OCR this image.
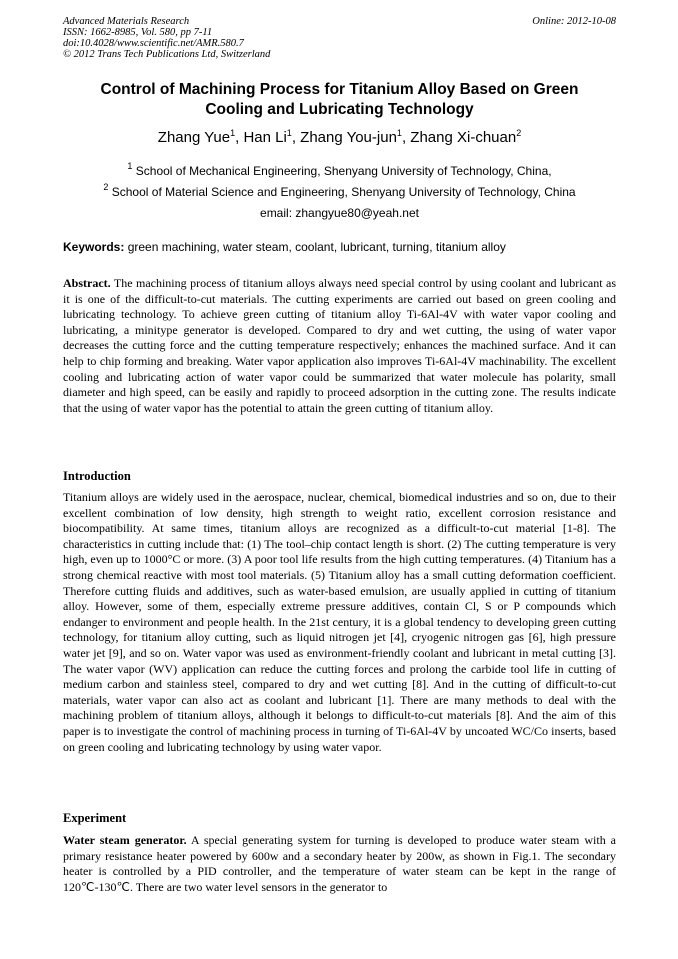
Advanced Materials Research
ISSN: 1662-8985, Vol. 580, pp 7-11
doi:10.4028/www.scientific.net/AMR.580.7
© 2012 Trans Tech Publications Ltd, Switzerland
Online: 2012-10-08
Control of Machining Process for Titanium Alloy Based on Green
Cooling and Lubricating Technology
Zhang Yue$^1$, Han Li$^1$, Zhang You-jun$^1$, Zhang Xi-chuan$^2$
$^1$ School of Mechanical Engineering, Shenyang University of Technology, China,
$^2$ School of Material Science and Engineering, Shenyang University of Technology, China
email: zhangyue80@yeah.net
Keywords: green machining, water steam, coolant, lubricant, turning, titanium alloy

Abstract. The machining process of titanium alloys always need special control by using coolant and lubricant as it is one of the difficult-to-cut materials. The cutting experiments are carried out based on green cooling and lubricating technology. To achieve green cutting of titanium alloy Ti-6Al-4V with water vapor cooling and lubricating, a minitype generator is developed. Compared to dry and wet cutting, the using of water vapor decreases the cutting force and the cutting temperature respectively; enhances the machined surface. And it can help to chip forming and breaking. Water vapor application also improves Ti-6Al-4V machinability. The excellent cooling and lubricating action of water vapor could be summarized that water molecule has polarity, small diameter and high speed, can be easily and rapidly to proceed adsorption in the cutting zone. The results indicate that the using of water vapor has the potential to attain the green cutting of titanium alloy.

Introduction

Titanium alloys are widely used in the aerospace, nuclear, chemical, biomedical industries and so on, due to their excellent combination of low density, high strength to weight ratio, excellent corrosion resistance and biocompatibility. At same times, titanium alloys are recognized as a difficult-to-cut material [1-8]. The characteristics in cutting include that: (1) The tool–chip contact length is short. (2) The cutting temperature is very high, even up to 1000°C or more. (3) A poor tool life results from the high cutting temperatures. (4) Titanium has a strong chemical reactive with most tool materials. (5) Titanium alloy has a small cutting deformation coefficient. Therefore cutting fluids and additives, such as water-based emulsion, are usually applied in cutting of titanium alloy. However, some of them, especially extreme pressure additives, contain Cl, S or P compounds which endanger to environment and people health. In the 21st century, it is a global tendency to developing green cutting technology, for titanium alloy cutting, such as liquid nitrogen jet [4], cryogenic nitrogen gas [6], high pressure water jet [9], and so on. Water vapor was used as environment-friendly coolant and lubricant in metal cutting [3]. The water vapor (WV) application can reduce the cutting forces and prolong the carbide tool life in cutting of medium carbon and stainless steel, compared to dry and wet cutting [8]. And in the cutting of difficult-to-cut materials, water vapor can also act as coolant and lubricant [1]. There are many methods to deal with the machining problem of titanium alloys, although it belongs to difficult-to-cut materials [8]. And the aim of this paper is to investigate the control of machining process in turning of Ti-6Al-4V by uncoated WC/Co inserts, based on green cooling and lubricating technology by using water vapor.

Experiment

Water steam generator. A special generating system for turning is developed to produce water steam with a primary resistance heater powered by 600w and a secondary heater by 200w, as shown in Fig.1. The secondary heater is controlled by a PID controller, and the temperature of water steam can be kept in the range of 120℃-130℃. There are two water level sensors in the generator to
